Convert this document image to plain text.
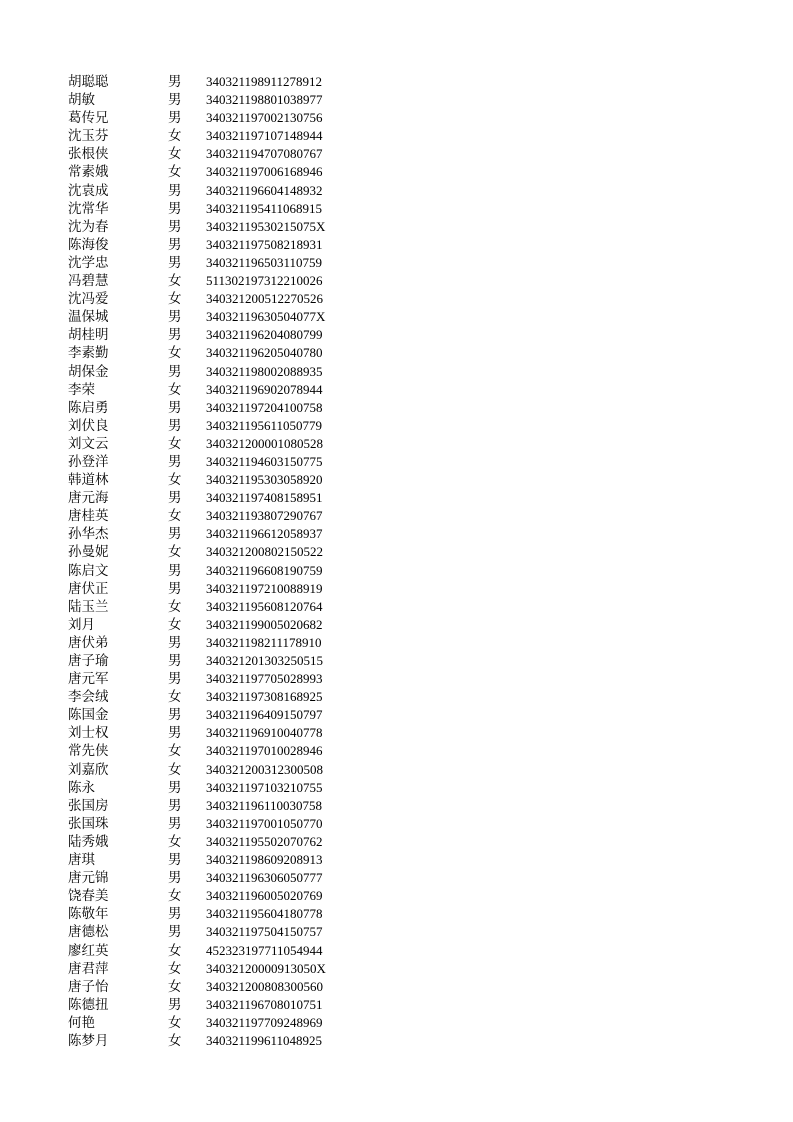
胡聪聪	男	340321198911278912
胡敏	男	340321198801038977
葛传兄	男	340321197002130756
沈玉芬	女	340321197107148944
张根侠	女	340321194707080767
常素娥	女	340321197006168946
沈袁成	男	340321196604148932
沈常华	男	340321195411068915
沈为春	男	34032119530215075X
陈海俊	男	340321197508218931
沈学忠	男	340321196503110759
冯碧慧	女	511302197312210026
沈冯爱	女	340321200512270526
温保城	男	34032119630504077X
胡桂明	男	340321196204080799
李素勤	女	340321196205040780
胡保金	男	340321198002088935
李荣	女	340321196902078944
陈启勇	男	340321197204100758
刘伏良	男	340321195611050779
刘文云	女	340321200001080528
孙登洋	男	340321194603150775
韩道林	女	340321195303058920
唐元海	男	340321197408158951
唐桂英	女	340321193807290767
孙华杰	男	340321196612058937
孙曼妮	女	340321200802150522
陈启文	男	340321196608190759
唐伏正	男	340321197210088919
陆玉兰	女	340321195608120764
刘月	女	340321199005020682
唐伏弟	男	340321198211178910
唐子瑜	男	340321201303250515
唐元军	男	340321197705028993
李会绒	女	340321197308168925
陈国金	男	340321196409150797
刘士权	男	340321196910040778
常先侠	女	340321197010028946
刘嘉欣	女	340321200312300508
陈永	男	340321197103210755
张国房	男	340321196110030758
张国珠	男	340321197001050770
陆秀娥	女	340321195502070762
唐琪	男	340321198609208913
唐元锦	男	340321196306050777
饶春美	女	340321196005020769
陈敬年	男	340321195604180778
唐德松	男	340321197504150757
廖红英	女	452323197711054944
唐君萍	女	34032120000913050X
唐子怡	女	340321200808300560
陈德扭	男	340321196708010751
何艳	女	340321197709248969
陈梦月	女	340321199611048925
